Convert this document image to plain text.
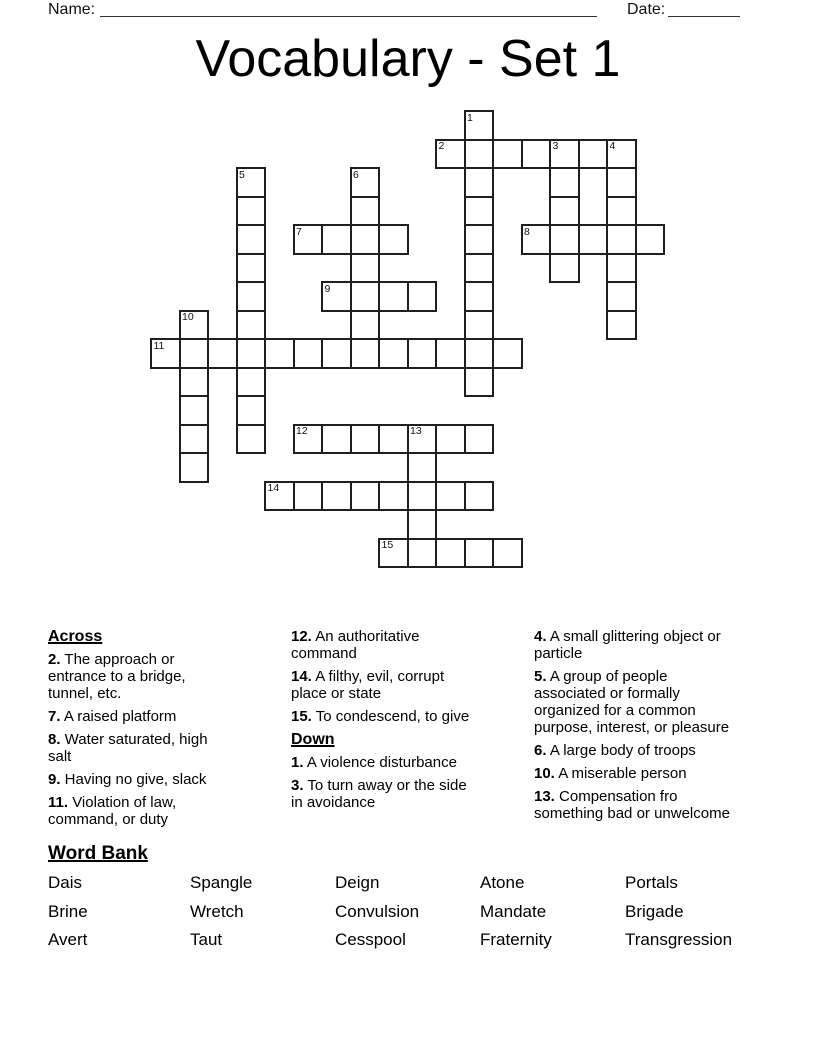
Name:	Date:
Vocabulary - Set 1
1
2	3	4
5	6
7	8
9
10
11
12	13
14
15
Across

2. The approach or entrance to a bridge, tunnel, etc.

7. A raised platform

8. Water saturated, high salt

9. Having no give, slack

11. Violation of law, command, or duty

12. An authoritative command

14. A filthy, evil, corrupt place or state

15. To condescend, to give

Down

1. A violence disturbance

3. To turn away or the side in avoidance

4. A small glittering object or particle

5. A group of people associated or formally organized for a common purpose, interest, or pleasure

6. A large body of troops

10. A miserable person

13. Compensation fro something bad or unwelcome

Word Bank
Dais	Spangle	Deign	Atone	Portals
Brine	Wretch	Convulsion	Mandate	Brigade
Avert	Taut	Cesspool	Fraternity	Transgression
